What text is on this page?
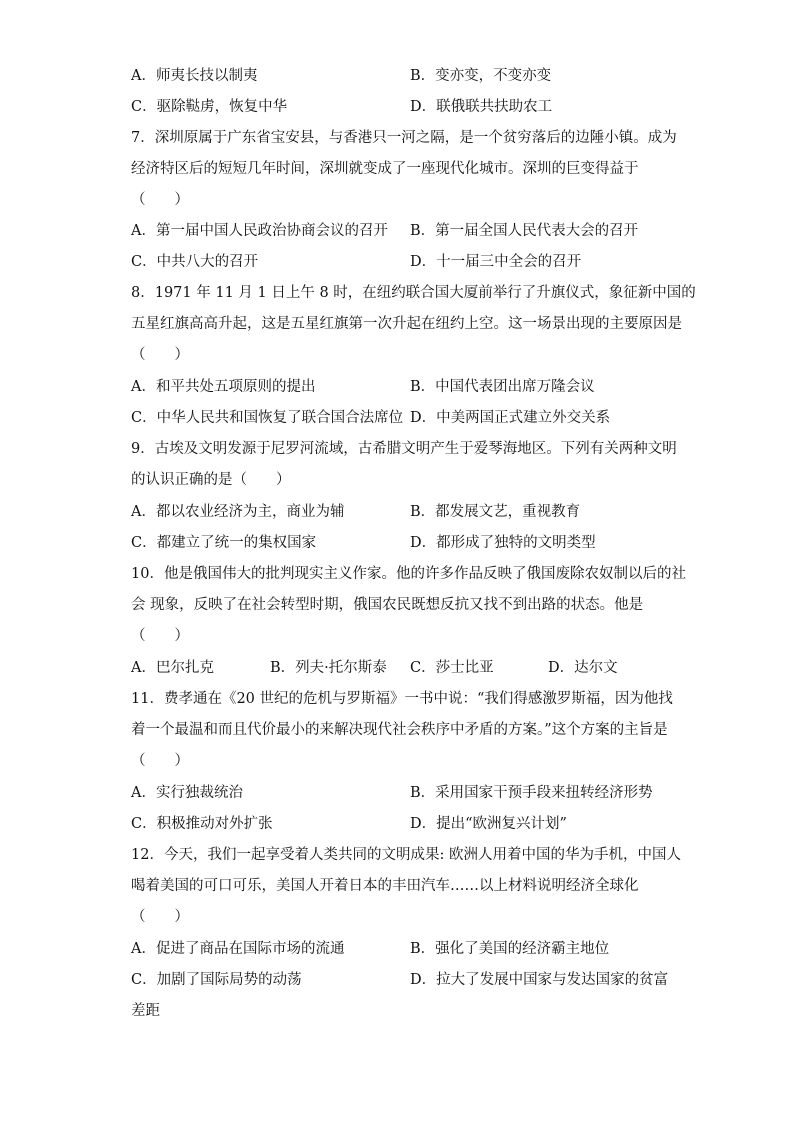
A．师夷长技以制夷	B．变亦变，不变亦变
C．驱除鞑虏，恢复中华	D．联俄联共扶助农工
7．深圳原属于广东省宝安县，与香港只一河之隔，是一个贫穷落后的边陲小镇。成为
经济特区后的短短几年时间，深圳就变成了一座现代化城市。深圳的巨变得益于
（　　）
A．第一届中国人民政治协商会议的召开 B．第一届全国人民代表大会的召开
C．中共八大的召开	D．十一届三中全会的召开
8．1971 年 11 月 1 日上午 8 时，在纽约联合国大厦前举行了升旗仪式，象征新中国的
五星红旗高高升起，这是五星红旗第一次升起在纽约上空。这一场景出现的主要原因是
（　　）
A．和平共处五项原则的提出	B．中国代表团出席万隆会议
C．中华人民共和国恢复了联合国合法席位 D．中美两国正式建立外交关系
9．古埃及文明发源于尼罗河流域，古希腊文明产生于爱琴海地区。下列有关两种文明
的认识正确的是（　　）
A．都以农业经济为主，商业为辅	B．都发展文艺，重视教育
C．都建立了统一的集权国家	D．都形成了独特的文明类型
10．他是俄国伟大的批判现实主义作家。他的许多作品反映了俄国废除农奴制以后的社
会 现象，反映了在社会转型时期，俄国农民既想反抗又找不到出路的状态。他是
（　　）
A．巴尔扎克	B．列夫·托尔斯泰 C．莎士比亚	D．达尔文
11．费孝通在《20 世纪的危机与罗斯福》一书中说：“我们得感激罗斯福，因为他找
着一个最温和而且代价最小的来解决现代社会秩序中矛盾的方案。”这个方案的主旨是
（　　）
A．实行独裁统治	B．采用国家干预手段来扭转经济形势
C．积极推动对外扩张	D．提出“欧洲复兴计划”
12．今天，我们一起享受着人类共同的文明成果: 欧洲人用着中国的华为手机，中国人
喝着美国的可口可乐，美国人开着日本的丰田汽车……以上材料说明经济全球化
（　　）
A．促进了商品在国际市场的流通	B．强化了美国的经济霸主地位
C．加剧了国际局势的动荡	D．拉大了发展中国家与发达国家的贫富
差距
